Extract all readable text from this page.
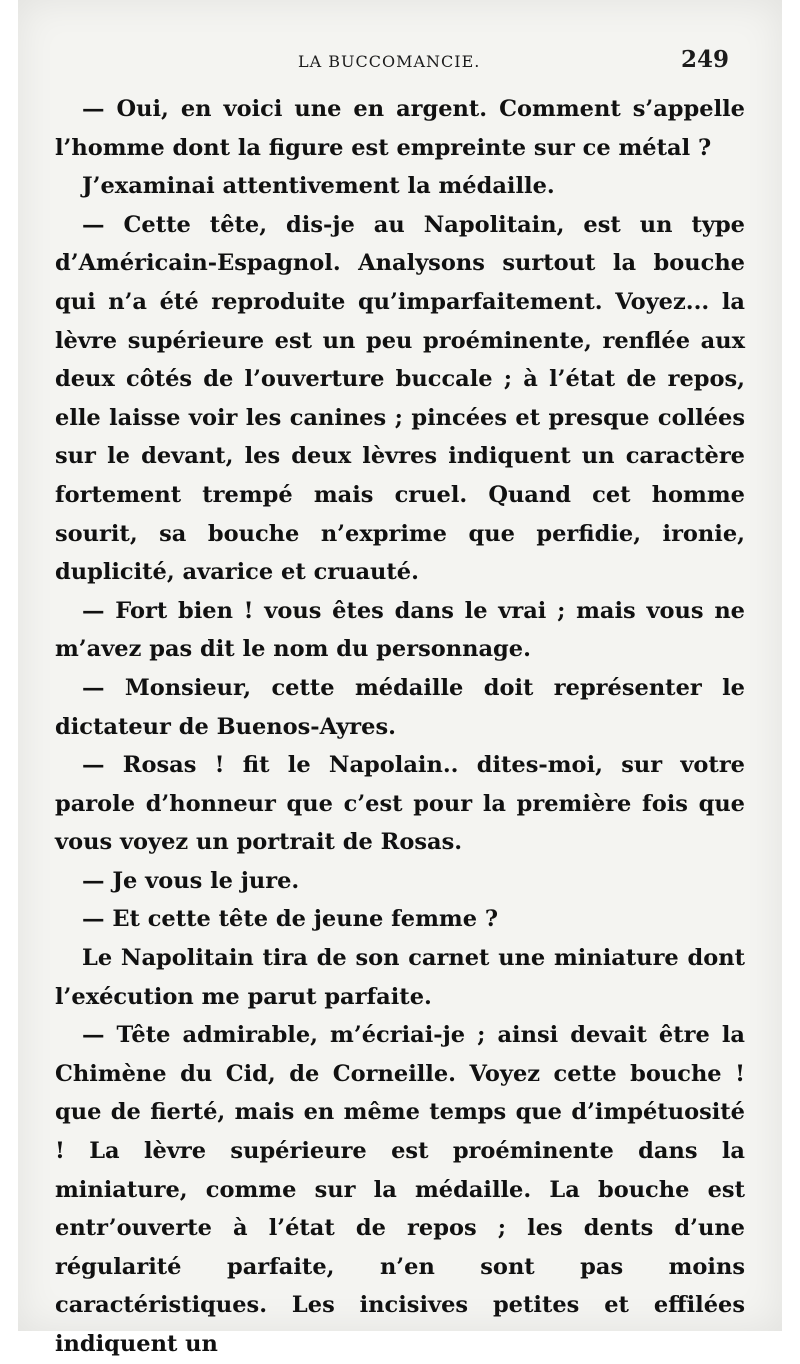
LA BUCCOMANCIE.	249

— Oui, en voici une en argent. Comment s’appelle l’homme dont la figure est empreinte sur ce métal ?

J’examinai attentivement la médaille.

— Cette tête, dis-je au Napolitain, est un type d’Américain-Espagnol. Analysons surtout la bouche qui n’a été reproduite qu’imparfaitement. Voyez... la lèvre supérieure est un peu proéminente, renflée aux deux côtés de l’ouverture buccale ; à l’état de repos, elle laisse voir les canines ; pincées et presque collées sur le devant, les deux lèvres indiquent un caractère fortement trempé mais cruel. Quand cet homme sourit, sa bouche n’exprime que perfidie, ironie, duplicité, avarice et cruauté.

— Fort bien ! vous êtes dans le vrai ; mais vous ne m’avez pas dit le nom du personnage.

— Monsieur, cette médaille doit représenter le dictateur de Buenos-Ayres.

— Rosas ! fit le Napolain.. dites-moi, sur votre parole d’honneur que c’est pour la première fois que vous voyez un portrait de Rosas.

— Je vous le jure.

— Et cette tête de jeune femme ?

Le Napolitain tira de son carnet une miniature dont l’exécution me parut parfaite.

— Tête admirable, m’écriai-je ; ainsi devait être la Chimène du Cid, de Corneille. Voyez cette bouche ! que de fierté, mais en même temps que d’impétuosité ! La lèvre supérieure est proéminente dans la miniature, comme sur la médaille. La bouche est entr’ouverte à l’état de repos ; les dents d’une régularité parfaite, n’en sont pas moins caractéristiques. Les incisives petites et effilées indiquent un
